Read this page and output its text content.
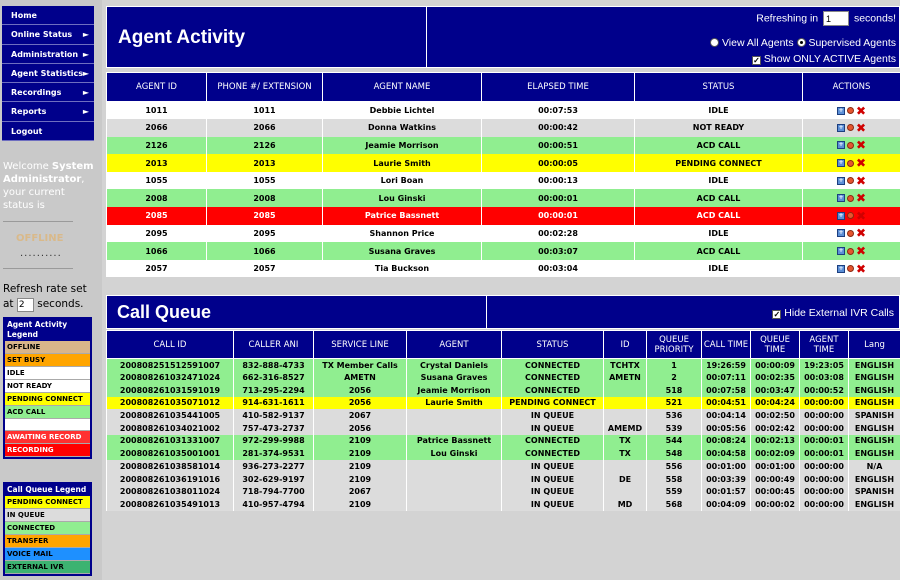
Home
Online Status ►
Administration ►
Agent Statistics ►
Recordings	►
Reports	►
Logout
Welcome System Administrator, your current status is
OFFLINE
..........
Refresh rate set at 2 seconds.
Agent Activity Legend
OFFLINE
SET BUSY
IDLE
NOT READY
PENDING CONNECT
ACD CALL
AWAITING RECORD
RECORDING
Call Queue Legend
PENDING CONNECT
IN QUEUE
CONNECTED
TRANSFER
VOICE MAIL
EXTERNAL IVR
Agent Activity
Refreshing in 1	seconds!
View All Agents Supervised Agents
✓ Show ONLY ACTIVE Agents
AGENT ID	PHONE #/ EXTENSION	AGENT NAME	ELAPSED TIME	STATUS	ACTIONS
1011	1011	Debbie Lichtel	00:07:53	IDLE	+ ✖
2066	2066	Donna Watkins	00:00:42	NOT READY	+ ✖
2126	2126	Jeamie Morrison	00:00:51	ACD CALL	+ ✖
2013	2013	Laurie Smith	00:00:05	PENDING CONNECT	+ ✖
1055	1055	Lori Boan	00:00:13	IDLE	+ ✖
2008	2008	Lou Ginski	00:00:01	ACD CALL	+ ✖
2085	2085	Patrice Bassnett	00:00:01	ACD CALL	+ ✖
2095	2095	Shannon Price	00:02:28	IDLE	+ ✖
1066	1066	Susana Graves	00:03:07	ACD CALL	+ ✖
2057	2057	Tia Buckson	00:03:04	IDLE	+ ✖
Call Queue	✓ Hide External IVR Calls
CALL ID	CALLER ANI	SERVICE LINE	AGENT	STATUS	ID	QUEUE PRIORITY	CALL TIME	QUEUE TIME	AGENT TIME	Lang
200808251512591007	832-888-4733	TX Member Calls	Crystal Daniels	CONNECTED	TCHTX	1	19:26:59	00:00:09	19:23:05	ENGLISH
200808261032471024	662-316-8527	AMETN	Susana Graves	CONNECTED	AMETN	2	00:07:11	00:02:35	00:03:08	ENGLISH
200808261031591019	713-295-2294	2056	Jeamie Morrison	CONNECTED		518	00:07:58	00:03:47	00:00:52	ENGLISH
200808261035071012	914-631-1611	2056	Laurie Smith	PENDING CONNECT		521	00:04:51	00:04:24	00:00:00	ENGLISH
200808261035441005	410-582-9137	2067		IN QUEUE		536	00:04:14	00:02:50	00:00:00	SPANISH
200808261034021002	757-473-2737	2056		IN QUEUE	AMEMD	539	00:05:56	00:02:42	00:00:00	ENGLISH
200808261031331007	972-299-9988	2109	Patrice Bassnett	CONNECTED	TX	544	00:08:24	00:02:13	00:00:01	ENGLISH
200808261035001001	281-374-9531	2109	Lou Ginski	CONNECTED	TX	548	00:04:58	00:02:09	00:00:01	ENGLISH
200808261038581014	936-273-2277	2109		IN QUEUE		556	00:01:00	00:01:00	00:00:00	N/A
200808261036191016	302-629-9197	2109		IN QUEUE	DE	558	00:03:39	00:00:49	00:00:00	ENGLISH
200808261038011024	718-794-7700	2067		IN QUEUE		559	00:01:57	00:00:45	00:00:00	SPANISH
200808261035491013	410-957-4794	2109		IN QUEUE	MD	568	00:04:09	00:00:02	00:00:00	ENGLISH
